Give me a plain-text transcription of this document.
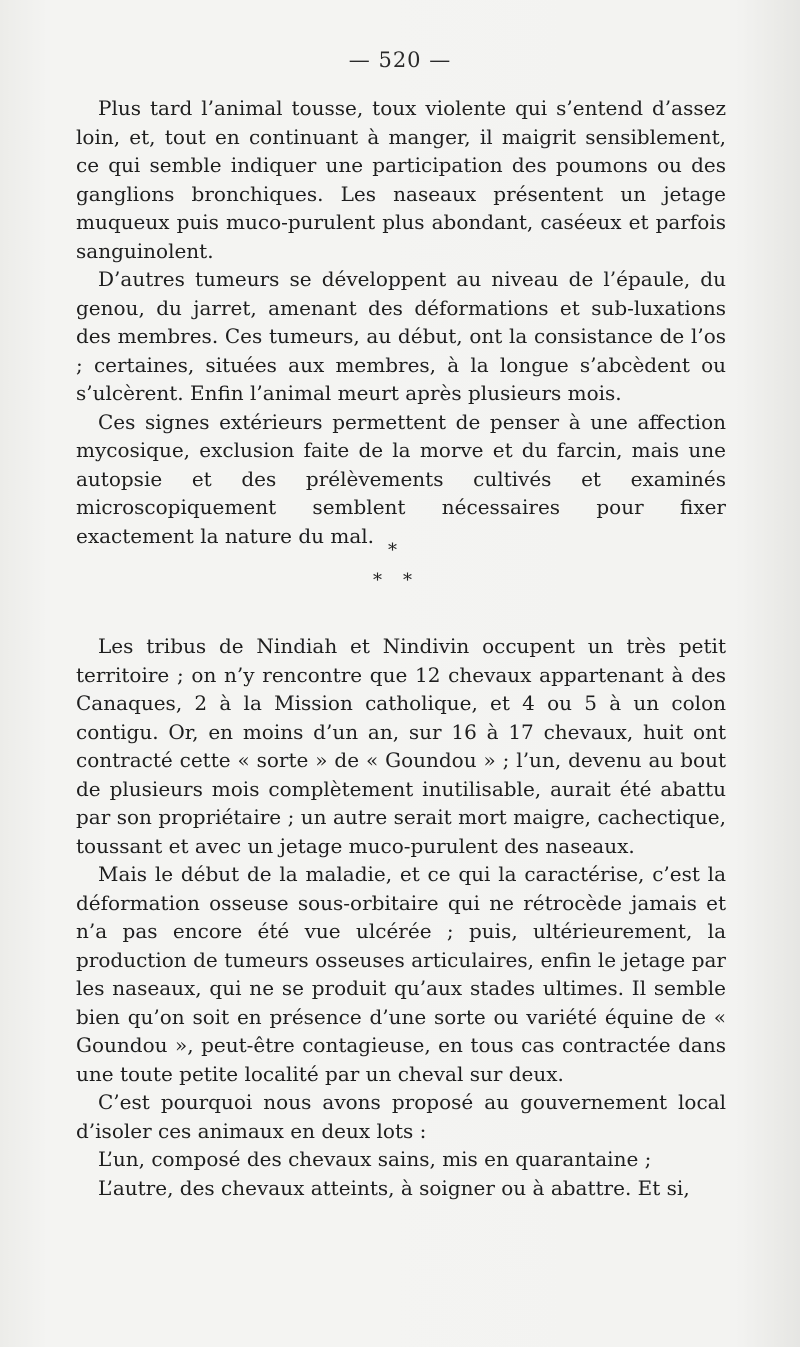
— 520 —

Plus tard l’animal tousse, toux violente qui s’entend d’assez loin, et, tout en continuant à manger, il maigrit sensiblement, ce qui semble indiquer une participation des poumons ou des ganglions bronchiques. Les naseaux présentent un jetage muqueux puis muco-purulent plus abondant, caséeux et parfois sanguinolent.

D’autres tumeurs se développent au niveau de l’épaule, du genou, du jarret, amenant des déformations et sub-luxations des membres. Ces tumeurs, au début, ont la consistance de l’os ; certaines, situées aux membres, à la longue s’abcèdent ou s’ulcèrent. Enfin l’animal meurt après plusieurs mois.

Ces signes extérieurs permettent de penser à une affection mycosique, exclusion faite de la morve et du farcin, mais une autopsie et des prélèvements cultivés et examinés microscopiquement semblent nécessaires pour fixer exactement la nature du mal.

*
* *

Les tribus de Nindiah et Nindivin occupent un très petit territoire ; on n’y rencontre que 12 chevaux appartenant à des Canaques, 2 à la Mission catholique, et 4 ou 5 à un colon contigu. Or, en moins d’un an, sur 16 à 17 chevaux, huit ont contracté cette « sorte » de « Goundou » ; l’un, devenu au bout de plusieurs mois complètement inutilisable, aurait été abattu par son propriétaire ; un autre serait mort maigre, cachectique, toussant et avec un jetage muco-purulent des naseaux.

Mais le début de la maladie, et ce qui la caractérise, c’est la déformation osseuse sous-orbitaire qui ne rétrocède jamais et n’a pas encore été vue ulcérée ; puis, ultérieurement, la production de tumeurs osseuses articulaires, enfin le jetage par les naseaux, qui ne se produit qu’aux stades ultimes. Il semble bien qu’on soit en présence d’une sorte ou variété équine de « Goundou », peut-être contagieuse, en tous cas contractée dans une toute petite localité par un cheval sur deux.

C’est pourquoi nous avons proposé au gouvernement local d’isoler ces animaux en deux lots :

L’un, composé des chevaux sains, mis en quarantaine ;

L’autre, des chevaux atteints, à soigner ou à abattre. Et si,
